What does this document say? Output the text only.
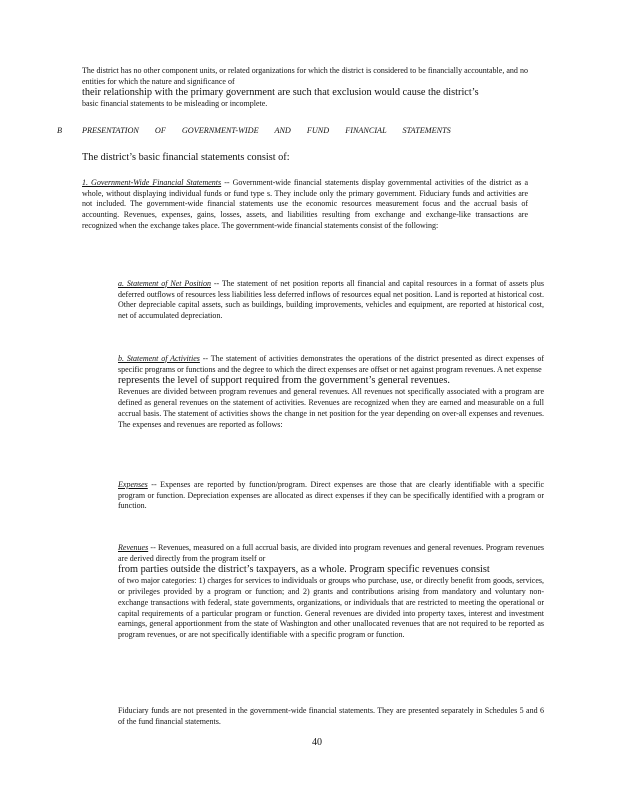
The district has no other component units, or related organizations for which the district is considered to be financially accountable, and no entities for which the nature and significance of

their relationship with the primary government are such that exclusion would cause the district’s

basic financial statements to be misleading or incomplete.

B PRESENTATION OF GOVERNMENT-WIDE AND FUND FINANCIAL STATEMENTS
The district’s basic financial statements consist of:
1. Government-Wide Financial Statements -- Government-wide financial statements display governmental activities of the district as a whole, without displaying individual funds or fund type s. They include only the primary government. Fiduciary funds and activities are not included. The government-wide financial statements use the economic resources measurement focus and the accrual basis of accounting. Revenues, expenses, gains, losses, assets, and liabilities resulting from exchange and exchange-like transactions are recognized when the exchange takes place. The government-wide financial statements consist of the following:
a. Statement of Net Position -- The statement of net position reports all financial and capital resources in a format of assets plus deferred outflows of resources less liabilities less deferred inflows of resources equal net position. Land is reported at historical cost. Other depreciable capital assets, such as buildings, building improvements, vehicles and equipment, are reported at historical cost, net of accumulated depreciation.

b. Statement of Activities -- The statement of activities demonstrates the operations of the district presented as direct expenses of specific programs or functions and the degree to which the direct expenses are offset or net against program revenues. A net expense

represents the level of support required from the government’s general revenues.

Revenues are divided between program revenues and general revenues. All revenues not specifically associated with a program are defined as general revenues on the statement of activities. Revenues are recognized when they are earned and measurable on a full accrual basis. The statement of activities shows the change in net position for the year depending on over-all expenses and revenues. The expenses and revenues are reported as follows:

Expenses -- Expenses are reported by function/program. Direct expenses are those that are clearly identifiable with a specific program or function. Depreciation expenses are allocated as direct expenses if they can be specifically identified with a program or function.

Revenues -- Revenues, measured on a full accrual basis, are divided into program revenues and general revenues. Program revenues are derived directly from the program itself or

from parties outside the district’s taxpayers, as a whole. Program specific revenues consist

of two major categories: 1) charges for services to individuals or groups who purchase, use, or directly benefit from goods, services, or privileges provided by a program or function; and 2) grants and contributions arising from mandatory and voluntary non-exchange transactions with federal, state governments, organizations, or individuals that are restricted to meeting the operational or capital requirements of a particular program or function. General revenues are divided into property taxes, interest and investment earnings, general apportionment from the state of Washington and other unallocated revenues that are not required to be reported as program revenues, or are not specifically identifiable with a specific program or function.

Fiduciary funds are not presented in the government-wide financial statements. They are presented separately in Schedules 5 and 6 of the fund financial statements.
40
